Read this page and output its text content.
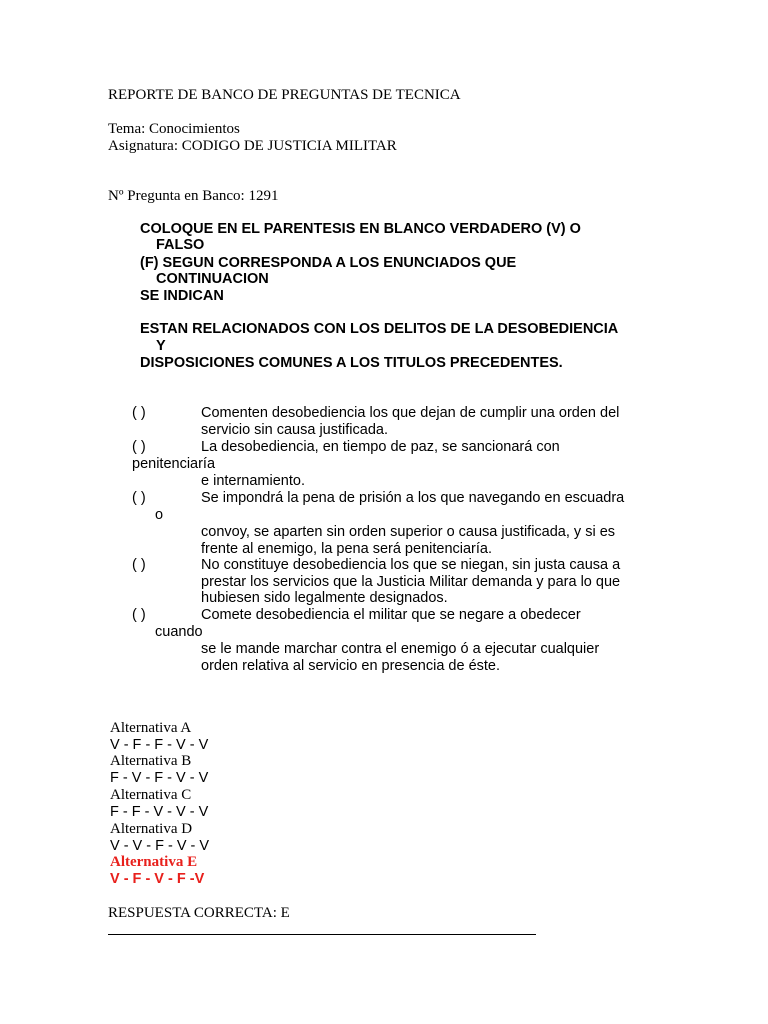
REPORTE DE BANCO DE PREGUNTAS DE TECNICA
Tema: Conocimientos
Asignatura: CODIGO DE JUSTICIA MILITAR
Nº Pregunta en Banco: 1291
COLOQUE EN EL PARENTESIS EN BLANCO VERDADERO (V) O
FALSO
(F) SEGUN CORRESPONDA A LOS ENUNCIADOS QUE
CONTINUACION
SE INDICAN
ESTAN RELACIONADOS CON LOS DELITOS DE LA DESOBEDIENCIA
Y
DISPOSICIONES COMUNES A LOS TITULOS PRECEDENTES.
( )	Comenten desobediencia los que dejan de cumplir una orden del
servicio sin causa justificada.
( )	La desobediencia, en tiempo de paz, se sancionará con
penitenciaría
e internamiento.
( )	Se impondrá la pena de prisión a los que navegando en escuadra
o
convoy, se aparten sin orden superior o causa justificada, y si es
frente al enemigo, la pena será penitenciaría.
( )	No constituye desobediencia los que se niegan, sin justa causa a
prestar los servicios que la Justicia Militar demanda y para lo que
hubiesen sido legalmente designados.
( )	Comete desobediencia el militar que se negare a obedecer
cuando
se le mande marchar contra el enemigo ó a ejecutar cualquier
orden relativa al servicio en presencia de éste.
Alternativa A
V - F - F - V - V
Alternativa B
F - V - F - V - V
Alternativa C
F - F - V - V - V
Alternativa D
V - V - F - V - V
Alternativa E
V - F - V - F -V
RESPUESTA CORRECTA: E
